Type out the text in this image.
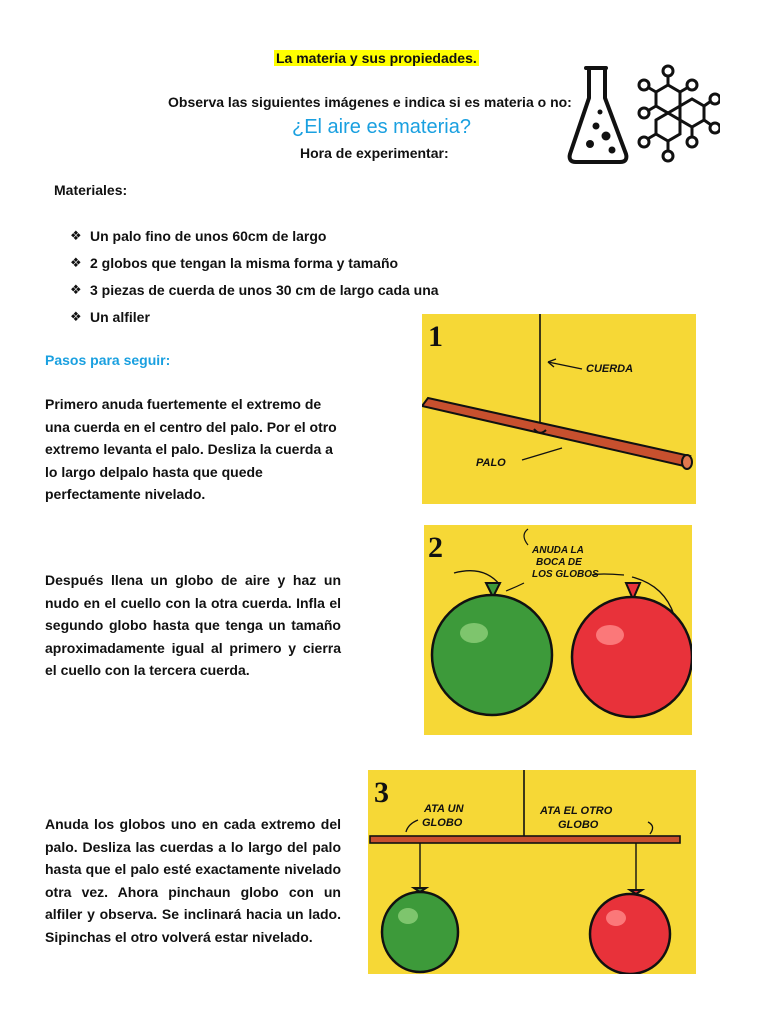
La materia y sus propiedades.
Observa las siguientes imágenes e indica si es materia o no:
¿El aire es materia?
Hora de experimentar:
Materiales:
❖ Un palo fino de unos 60cm de largo
❖ 2 globos que tengan la misma forma y tamaño
❖ 3 piezas de cuerda de unos 30 cm de largo cada una
❖ Un alfiler
Pasos para seguir:
Primero anuda fuertemente el extremo de una cuerda en el centro del palo. Por el otro extremo levanta el palo. Desliza la cuerda a lo largo delpalo hasta que quede perfectamente nivelado.
Después llena un globo de aire y haz un nudo en el cuello con la otra cuerda. Infla el segundo globo hasta que tenga un tamaño aproximadamente igual al primero y cierra el cuello con la tercera cuerda.
Anuda los globos uno en cada extremo del palo. Desliza las cuerdas a lo largo del palo hasta que el palo esté exactamente nivelado otra vez. Ahora pinchaun globo con un alfiler y observa. Se inclinará hacia un lado. Sipinchas el otro volverá estar nivelado.
1
CUERDA
PALO
2	ANUDA LA
BOCA DE
LOS GLOBOS
3	ATA UN
GLOBO
ATA EL OTRO
GLOBO
